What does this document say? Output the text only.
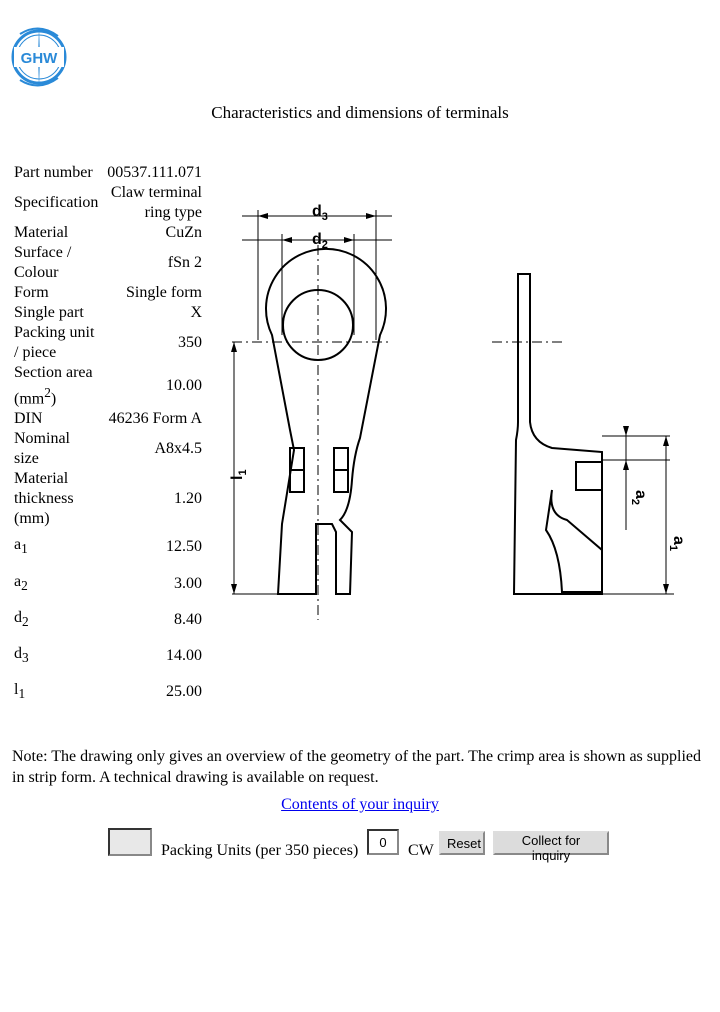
GHW
Characteristics and dimensions of terminals
Part number	00537.111.071
Specification	Claw terminal
ring type
Material	CuZn
Surface /
Colour	fSn 2
Form	Single form
Single part	X
Packing unit
/ piece	350
Section area
$(mm^2)$	10.00
DIN	46236 Form A
Nominal
size	A8x4.5
Material
thickness
(mm)	1.20
$a_1$	12.50
$a_2$	3.00
$d_2$	8.40
$d_3$	14.00
$l_1$	25.00
$d_3$
$d_2$
$l_1$
$a_2$
$a_1$
Note: The drawing only gives an overview of the geometry of the part. The crimp area is shown as supplied in strip form. A technical drawing is available on request.
Contents of your inquiry
Packing Units (per 350 pieces)
0	CW	Reset	Collect for inquiry
